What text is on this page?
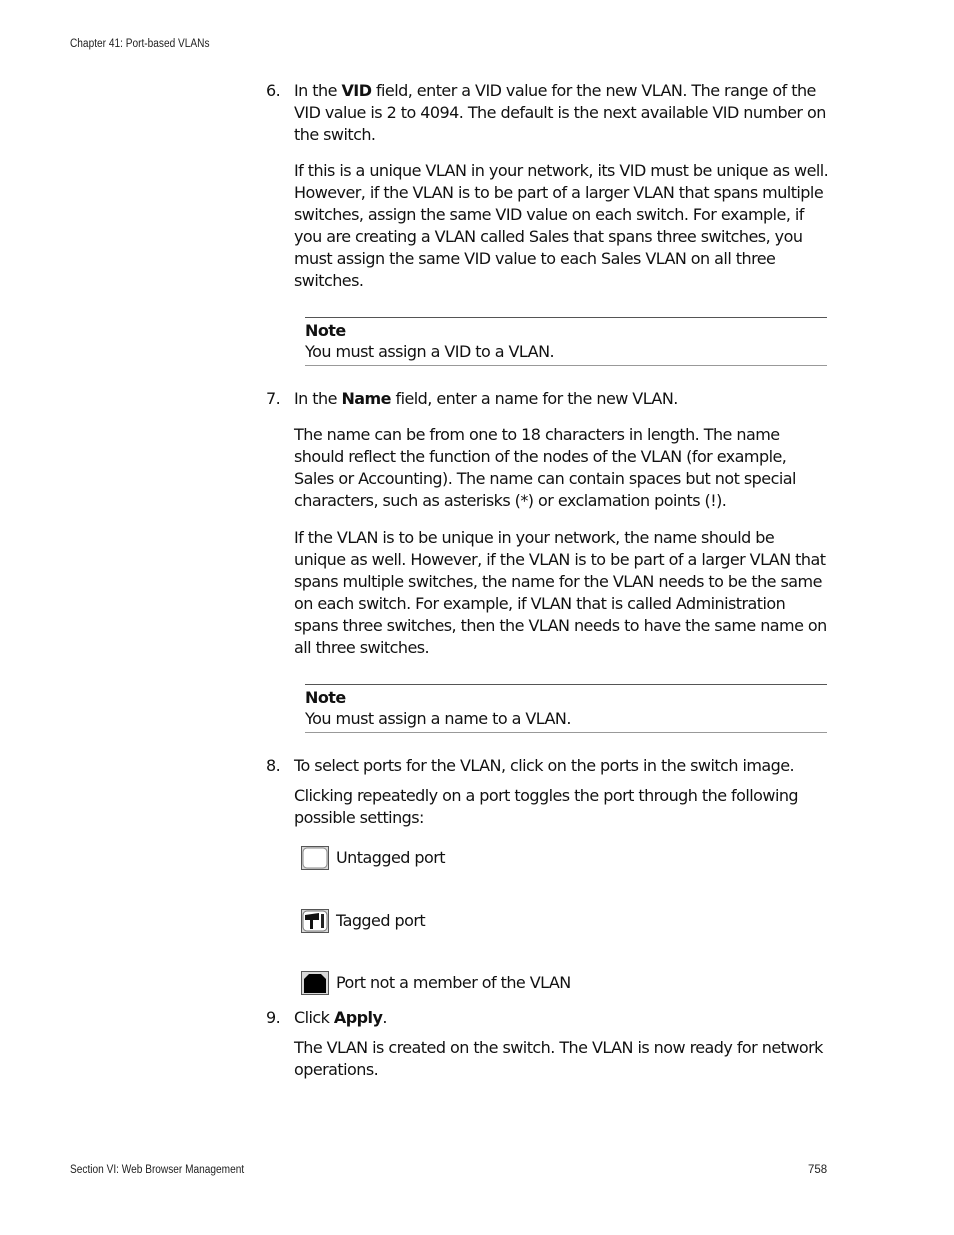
Chapter 41: Port-based VLANs
6. In the VID field, enter a VID value for the new VLAN. The range of the VID value is 2 to 4094. The default is the next available VID number on the switch.

If this is a unique VLAN in your network, its VID must be unique as well. However, if the VLAN is to be part of a larger VLAN that spans multiple switches, assign the same VID value on each switch. For example, if you are creating a VLAN called Sales that spans three switches, you must assign the same VID value to each Sales VLAN on all three switches.

Note
You must assign a VID to a VLAN.
7. In the Name field, enter a name for the new VLAN.

The name can be from one to 18 characters in length. The name should reflect the function of the nodes of the VLAN (for example, Sales or Accounting). The name can contain spaces but not special characters, such as asterisks (*) or exclamation points (!).

If the VLAN is to be unique in your network, the name should be unique as well. However, if the VLAN is to be part of a larger VLAN that spans multiple switches, the name for the VLAN needs to be the same on each switch. For example, if VLAN that is called Administration spans three switches, then the VLAN needs to have the same name on all three switches.

Note
You must assign a name to a VLAN.
8. To select ports for the VLAN, click on the ports in the switch image.

Clicking repeatedly on a port toggles the port through the following possible settings:

Untagged port
Tagged port
Port not a member of the VLAN
9. Click Apply.

The VLAN is created on the switch. The VLAN is now ready for network operations.

Section VI: Web Browser Management	758
